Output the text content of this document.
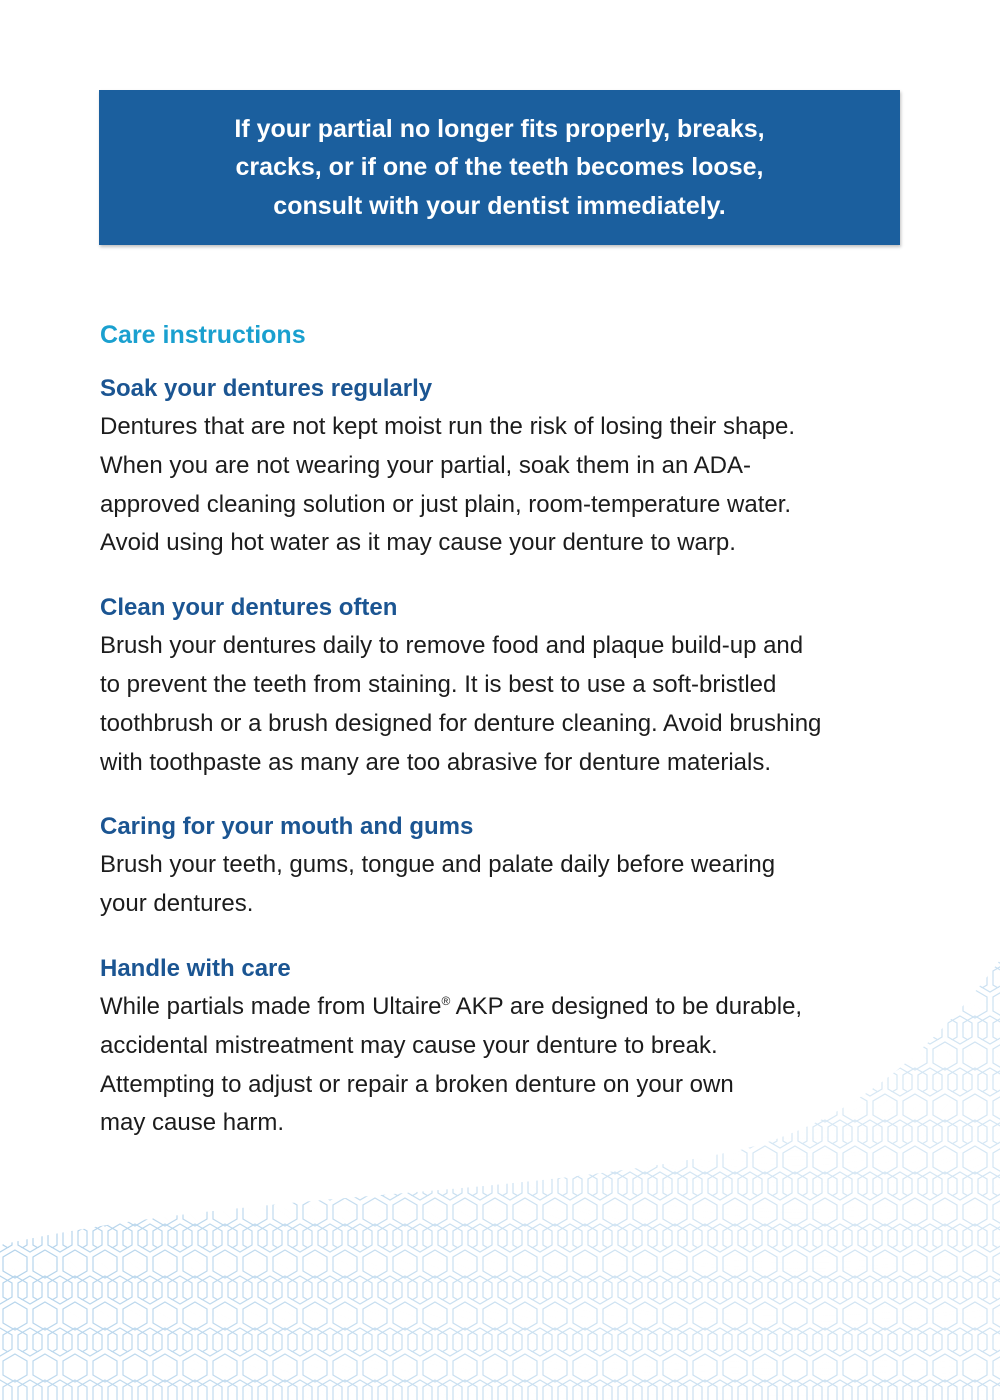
If your partial no longer fits properly, breaks,
cracks, or if one of the teeth becomes loose,
consult with your dentist immediately.
Care instructions
Soak your dentures regularly

Dentures that are not kept moist run the risk of losing their shape.

When you are not wearing your partial, soak them in an ADA-

approved cleaning solution or just plain, room-temperature water.

Avoid using hot water as it may cause your denture to warp.

Clean your dentures often

Brush your dentures daily to remove food and plaque build-up and

to prevent the teeth from staining. It is best to use a soft-bristled

toothbrush or a brush designed for denture cleaning. Avoid brushing

with toothpaste as many are too abrasive for denture materials.

Caring for your mouth and gums

Brush your teeth, gums, tongue and palate daily before wearing

your dentures.

Handle with care

While partials made from Ultaire® AKP are designed to be durable,

accidental mistreatment may cause your denture to break.

Attempting to adjust or repair a broken denture on your own

may cause harm.
